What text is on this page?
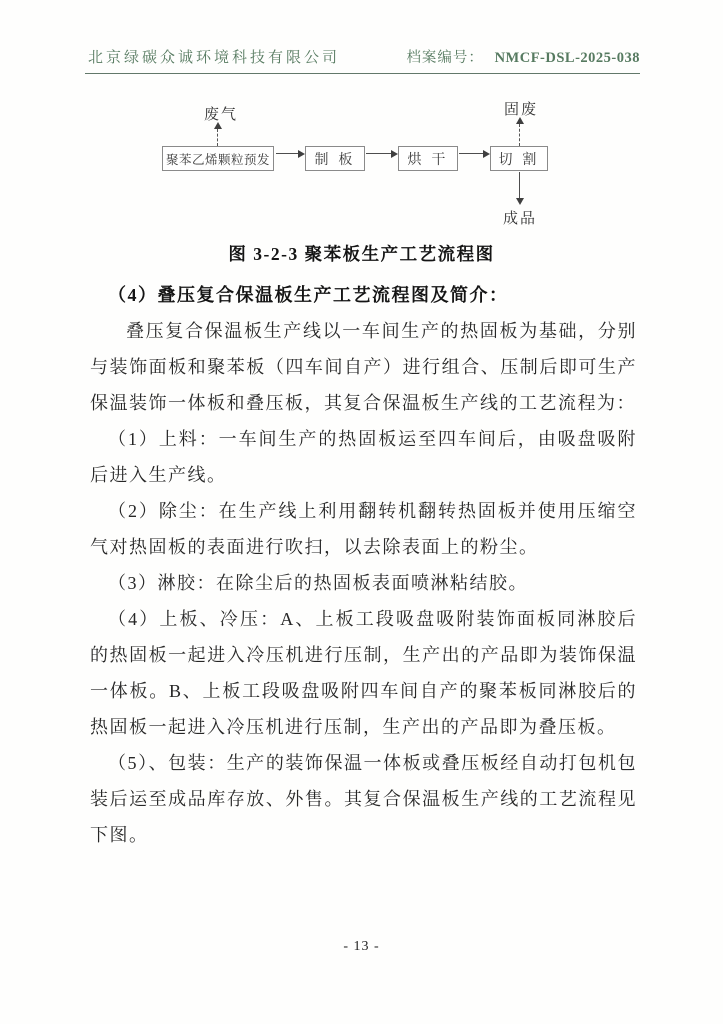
北京绿碳众诚环境科技有限公司	档案编号： NMCF-DSL-2025-038
废气
聚苯乙烯颗粒预发	制 板	烘 干	切 割
固废
成品
图 3-2-3 聚苯板生产工艺流程图

（4）叠压复合保温板生产工艺流程图及简介：

叠压复合保温板生产线以一车间生产的热固板为基础，分别与装饰面板和聚苯板（四车间自产）进行组合、压制后即可生产保温装饰一体板和叠压板，其复合保温板生产线的工艺流程为：

（1）上料：一车间生产的热固板运至四车间后，由吸盘吸附后进入生产线。

（2）除尘：在生产线上利用翻转机翻转热固板并使用压缩空气对热固板的表面进行吹扫，以去除表面上的粉尘。

（3）淋胶：在除尘后的热固板表面喷淋粘结胶。

（4）上板、冷压：A、上板工段吸盘吸附装饰面板同淋胶后的热固板一起进入冷压机进行压制，生产出的产品即为装饰保温一体板。B、上板工段吸盘吸附四车间自产的聚苯板同淋胶后的热固板一起进入冷压机进行压制，生产出的产品即为叠压板。

（5）、包装：生产的装饰保温一体板或叠压板经自动打包机包装后运至成品库存放、外售。其复合保温板生产线的工艺流程见下图。

- 13 -
